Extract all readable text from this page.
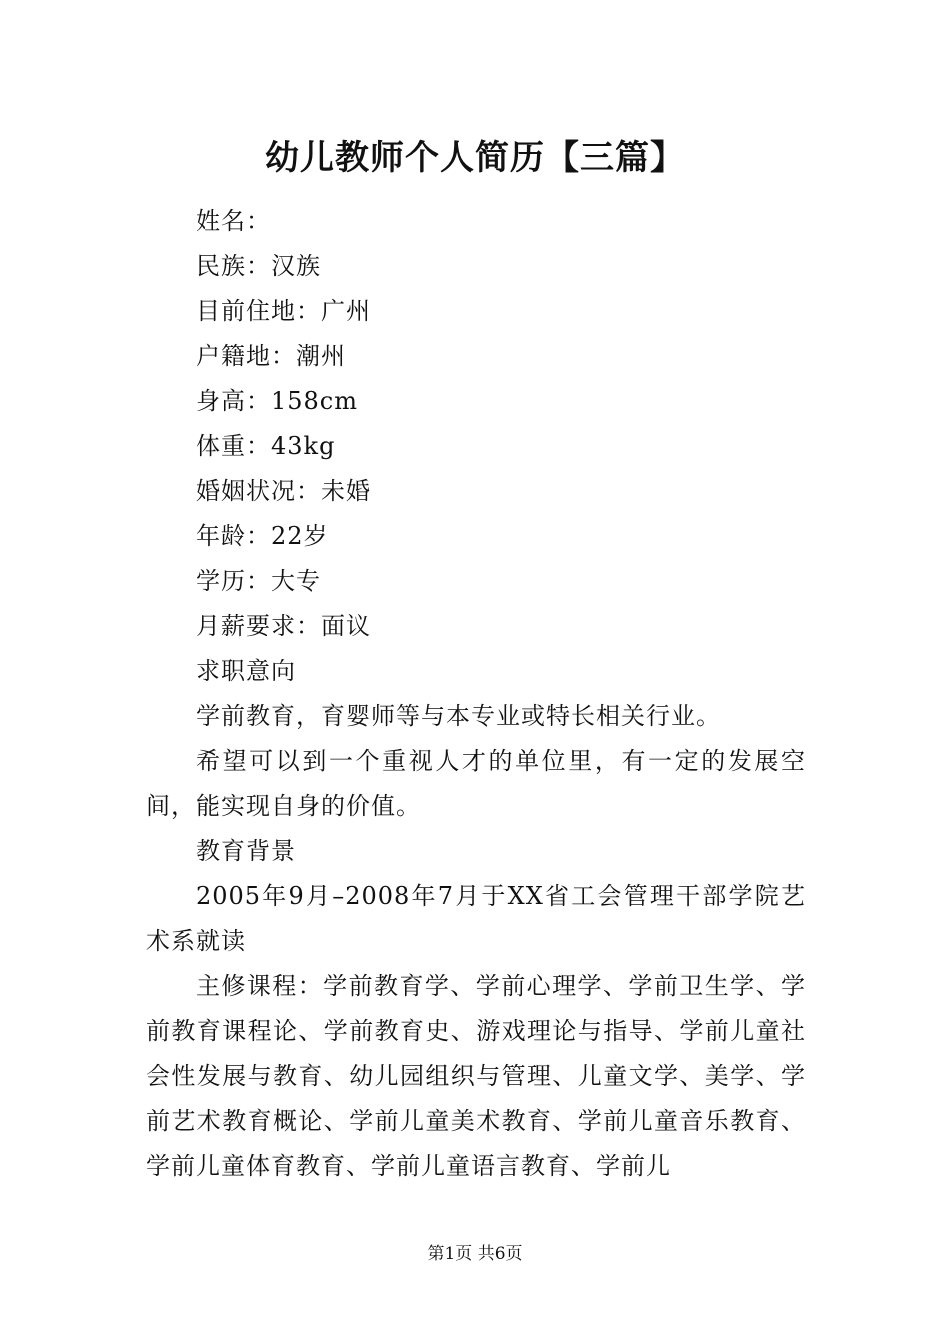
幼儿教师个人简历【三篇】

姓名：

民族：汉族

目前住地：广州

户籍地：潮州

身高：158cm

体重：43kg

婚姻状况：未婚

年龄：22岁

学历：大专

月薪要求：面议

求职意向

学前教育，育婴师等与本专业或特长相关行业。

希望可以到一个重视人才的单位里，有一定的发展空间，能实现自身的价值。

教育背景

2005年9月–2008年7月于XX省工会管理干部学院艺术系就读

主修课程：学前教育学、学前心理学、学前卫生学、学前教育课程论、学前教育史、游戏理论与指导、学前儿童社会性发展与教育、幼儿园组织与管理、儿童文学、美学、学前艺术教育概论、学前儿童美术教育、学前儿童音乐教育、学前儿童体育教育、学前儿童语言教育、学前儿

第1页 共6页
